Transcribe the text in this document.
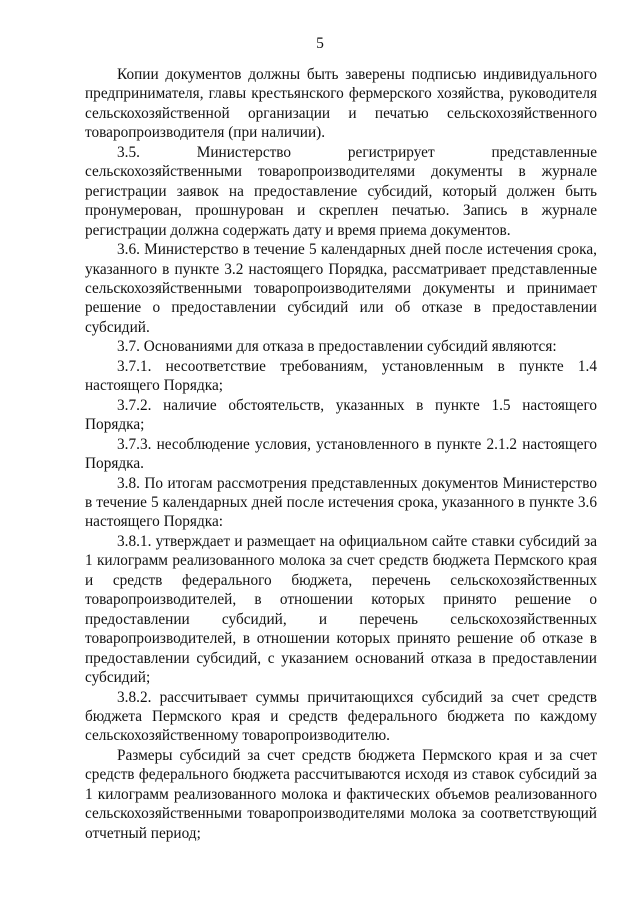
5

Копии документов должны быть заверены подписью индивидуального предпринимателя, главы крестьянского фермерского хозяйства, руководителя сельскохозяйственной организации и печатью сельскохозяйственного товаропроизводителя (при наличии).

3.5. Министерство регистрирует представленные сельскохозяйственными товаропроизводителями документы в журнале регистрации заявок на предоставление субсидий, который должен быть пронумерован, прошнурован и скреплен печатью. Запись в журнале регистрации должна содержать дату и время приема документов.

3.6. Министерство в течение 5 календарных дней после истечения срока, указанного в пункте 3.2 настоящего Порядка, рассматривает представленные сельскохозяйственными товаропроизводителями документы и принимает решение о предоставлении субсидий или об отказе в предоставлении субсидий.

3.7. Основаниями для отказа в предоставлении субсидий являются:

3.7.1. несоответствие требованиям, установленным в пункте 1.4 настоящего Порядка;

3.7.2. наличие обстоятельств, указанных в пункте 1.5 настоящего Порядка;

3.7.3. несоблюдение условия, установленного в пункте 2.1.2 настоящего Порядка.

3.8. По итогам рассмотрения представленных документов Министерство в течение 5 календарных дней после истечения срока, указанного в пункте 3.6 настоящего Порядка:

3.8.1. утверждает и размещает на официальном сайте ставки субсидий за 1 килограмм реализованного молока за счет средств бюджета Пермского края и средств федерального бюджета, перечень сельскохозяйственных товаропроизводителей, в отношении которых принято решение о предоставлении субсидий, и перечень сельскохозяйственных товаропроизводителей, в отношении которых принято решение об отказе в предоставлении субсидий, с указанием оснований отказа в предоставлении субсидий;

3.8.2. рассчитывает суммы причитающихся субсидий за счет средств бюджета Пермского края и средств федерального бюджета по каждому сельскохозяйственному товаропроизводителю.

Размеры субсидий за счет средств бюджета Пермского края и за счет средств федерального бюджета рассчитываются исходя из ставок субсидий за 1 килограмм реализованного молока и фактических объемов реализованного сельскохозяйственными товаропроизводителями молока за соответствующий отчетный период;
